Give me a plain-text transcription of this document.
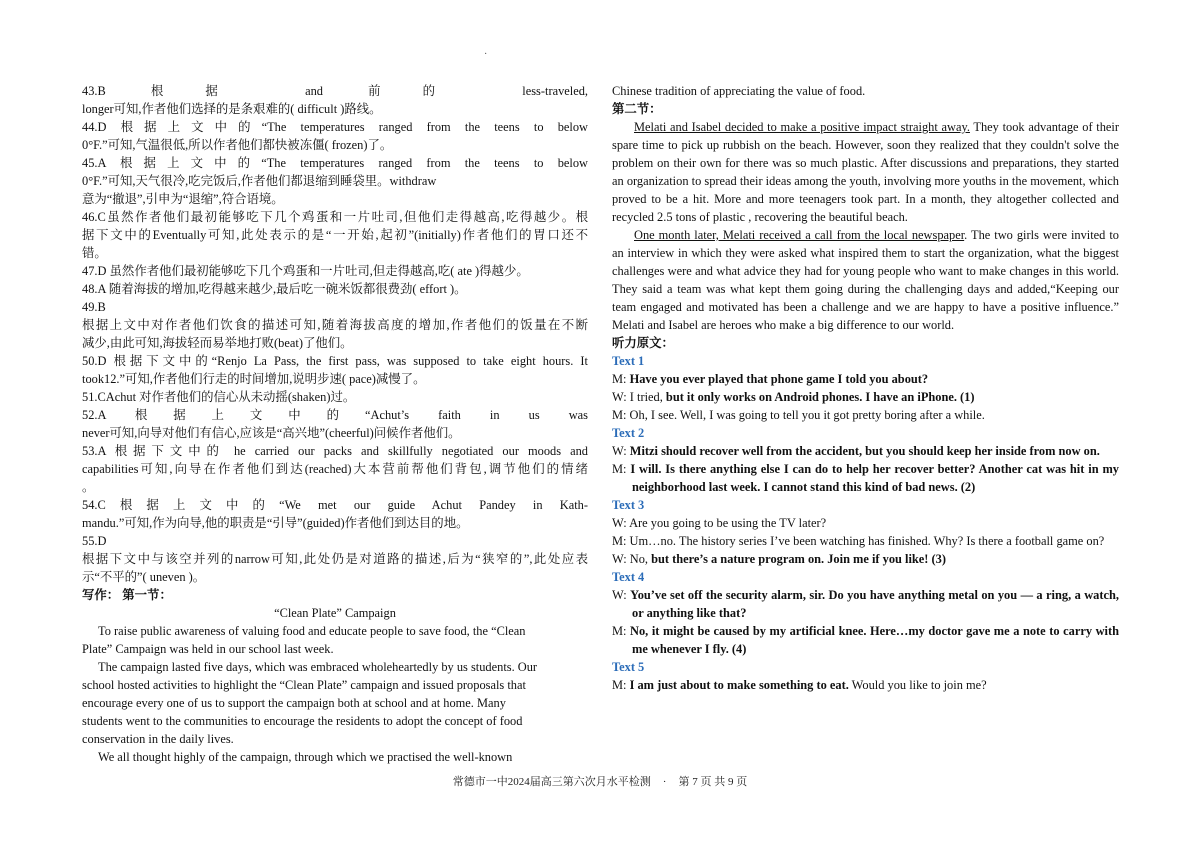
·

43.B 根据 and 前的 less-traveled,

longer可知,作者他们选择的是条艰难的( difficult )路线。

44.D 根据上文中的“The temperatures ranged from the teens to below

0°F.”可知,气温很低,所以作者他们都快被冻僵( frozen)了。

45.A 根据上文中的“The temperatures ranged from the teens to below

0°F.”可知,天气很冷,吃完饭后,作者他们都退缩到睡袋里。withdraw

意为“撤退”,引申为“退缩”,符合语境。

46.C虽然作者他们最初能够吃下几个鸡蛋和一片吐司,但他们走得越高,吃得越少。根

据下文中的Eventually可知,此处表示的是“一开始,起初”(initially)作者他们的胃口还不

错。

47.D 虽然作者他们最初能够吃下几个鸡蛋和一片吐司,但走得越高,吃( ate )得越少。

48.A 随着海拔的增加,吃得越来越少,最后吃一碗米饭都很费劲( effort )。

49.B

根据上文中对作者他们饮食的描述可知,随着海拔高度的增加,作者他们的饭量在不断

减少,由此可知,海拔轻而易举地打败(beat)了他们。

50.D 根据下文中的“Renjo La Pass, the first pass, was supposed to take eight hours. It

took12.”可知,作者他们行走的时间增加,说明步速( pace)减慢了。

51.CAchut 对作者他们的信心从未动摇(shaken)过。

52.A 根据上文中的“Achut’s faith in us was

never可知,向导对他们有信心,应该是“高兴地”(cheerful)问候作者他们。

53.A 根据下文中的 he carried our packs and skillfully negotiated our moods and

capabilities可知,向导在作者他们到达(reached)大本营前帮他们背包,调节他们的情绪

。

54.C根据上文中的“We met our guide Achut Pandey in Kath-

mandu.”可知,作为向导,他的职责是“引导”(guided)作者他们到达目的地。

55.D

根据下文中与该空并列的narrow可知,此处仍是对道路的描述,后为“狭窄的”,此处应表

示“不平的”( uneven )。

写作： 第一节：

“Clean Plate” Campaign

To raise public awareness of valuing food and educate people to save food, the “Clean

Plate” Campaign was held in our school last week.

The campaign lasted five days, which was embraced wholeheartedly by us students. Our

school hosted activities to highlight the “Clean Plate” campaign and issued proposals that

encourage every one of us to support the campaign both at school and at home. Many

students went to the communities to encourage the residents to adopt the concept of food

conservation in the daily lives.

We all thought highly of the campaign, through which we practised the well-known

Chinese tradition of appreciating the value of food.

第二节：

Melati and Isabel decided to make a positive impact straight away. They took advantage of their spare time to pick up rubbish on the beach. However, soon they realized that they couldn't solve the problem on their own for there was so much plastic. After discussions and preparations, they started an organization to spread their ideas among the youth, involving more youths in the movement, which proved to be a hit. More and more teenagers took part. In a month, they altogether collected and recycled 2.5 tons of plastic , recovering the beautiful beach.

One month later, Melati received a call from the local newspaper. The two girls were invited to an interview in which they were asked what inspired them to start the organization, what the biggest challenges were and what advice they had for young people who want to make changes in this world. They said a team was what kept them going during the challenging days and added,“Keeping our team engaged and motivated has been a challenge and we are happy to have a positive influence.” Melati and Isabel are heroes who make a big difference to our world.

听力原文：

Text 1

M: Have you ever played that phone game I told you about?

W: I tried, but it only works on Android phones. I have an iPhone. (1)

M: Oh, I see. Well, I was going to tell you it got pretty boring after a while.

Text 2

W: Mitzi should recover well from the accident, but you should keep her inside from now on.

M: I will. Is there anything else I can do to help her recover better? Another cat was hit in my neighborhood last week. I cannot stand this kind of bad news. (2)

Text 3

W: Are you going to be using the TV later?

M: Um…no. The history series I’ve been watching has finished. Why? Is there a football game on?

W: No, but there’s a nature program on. Join me if you like! (3)

Text 4

W: You’ve set off the security alarm, sir. Do you have anything metal on you — a ring, a watch, or anything like that?

M: No, it might be caused by my artificial knee. Here…my doctor gave me a note to carry with me whenever I fly. (4)

Text 5

M: I am just about to make something to eat. Would you like to join me?

常德市一中2024届高三第六次月水平检测 · 第 7 页 共 9 页
